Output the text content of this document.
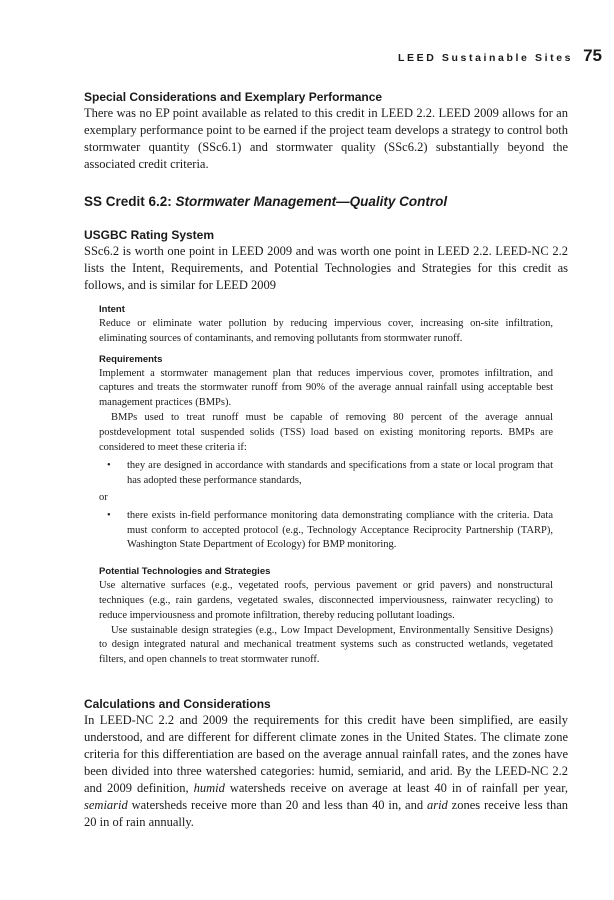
LEED Sustainable Sites 75
Special Considerations and Exemplary Performance

There was no EP point available as related to this credit in LEED 2.2. LEED 2009 allows for an exemplary performance point to be earned if the project team develops a strategy to control both stormwater quantity (SSc6.1) and stormwater quality (SSc6.2) substantially beyond the associated credit criteria.

SS Credit 6.2: Stormwater Management—Quality Control
USGBC Rating System

SSc6.2 is worth one point in LEED 2009 and was worth one point in LEED 2.2. LEED-NC 2.2 lists the Intent, Requirements, and Potential Technologies and Strategies for this credit as follows, and is similar for LEED 2009

Intent

Reduce or eliminate water pollution by reducing impervious cover, increasing on-site infiltration, eliminating sources of contaminants, and removing pollutants from stormwater runoff.

Requirements

Implement a stormwater management plan that reduces impervious cover, promotes infiltration, and captures and treats the stormwater runoff from 90% of the average annual rainfall using acceptable best management practices (BMPs).

BMPs used to treat runoff must be capable of removing 80 percent of the average annual postdevelopment total suspended solids (TSS) load based on existing monitoring reports. BMPs are considered to meet these criteria if:

• they are designed in accordance with standards and specifications from a state or local program that has adopted these performance standards,

or

• there exists in-field performance monitoring data demonstrating compliance with the criteria. Data must conform to accepted protocol (e.g., Technology Acceptance Reciprocity Partnership (TARP), Washington State Department of Ecology) for BMP monitoring.

Potential Technologies and Strategies

Use alternative surfaces (e.g., vegetated roofs, pervious pavement or grid pavers) and nonstructural techniques (e.g., rain gardens, vegetated swales, disconnected imperviousness, rainwater recycling) to reduce imperviousness and promote infiltration, thereby reducing pollutant loadings.

Use sustainable design strategies (e.g., Low Impact Development, Environmentally Sensitive Designs) to design integrated natural and mechanical treatment systems such as constructed wetlands, vegetated filters, and open channels to treat stormwater runoff.

Calculations and Considerations

In LEED-NC 2.2 and 2009 the requirements for this credit have been simplified, are easily understood, and are different for different climate zones in the United States. The climate zone criteria for this differentiation are based on the average annual rainfall rates, and the zones have been divided into three watershed categories: humid, semiarid, and arid. By the LEED-NC 2.2 and 2009 definition, humid watersheds receive on average at least 40 in of rainfall per year, semiarid watersheds receive more than 20 and less than 40 in, and arid zones receive less than 20 in of rain annually.
